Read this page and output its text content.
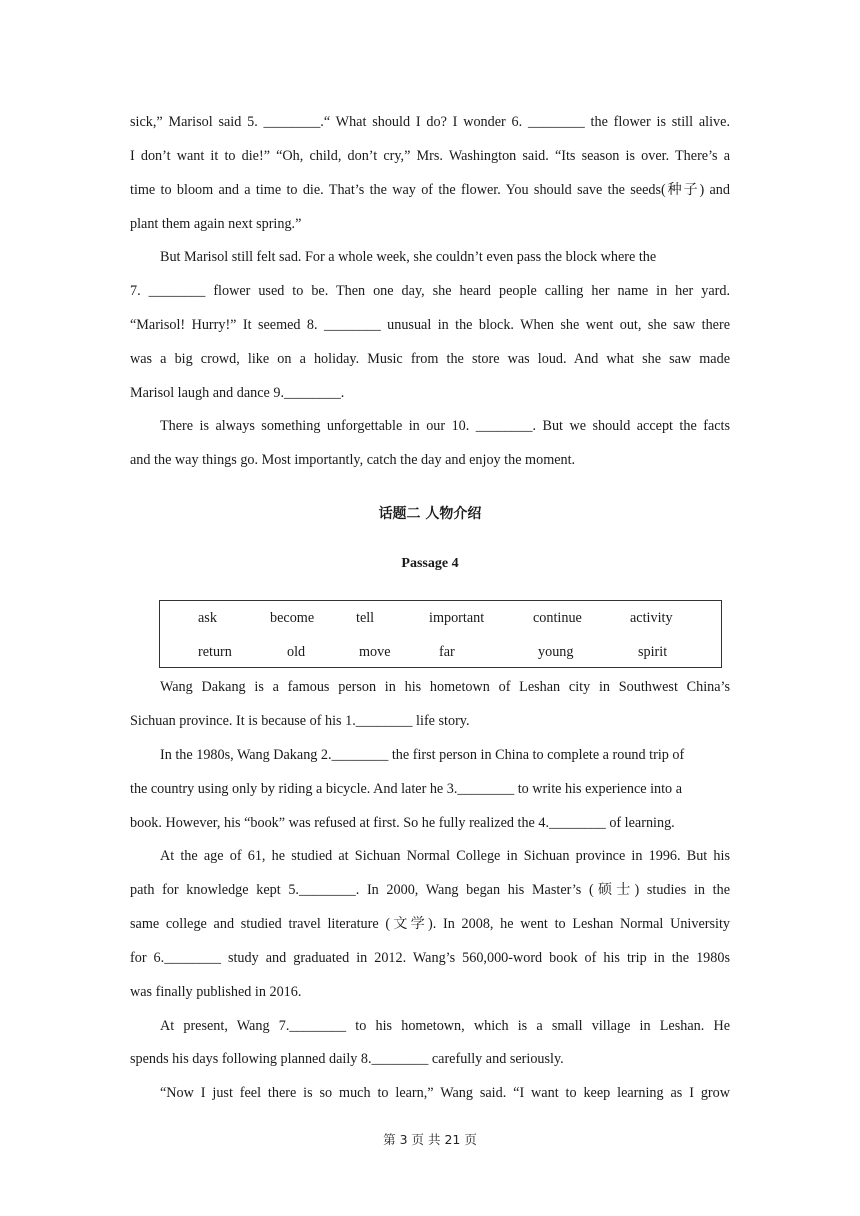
sick,” Marisol said 5. ________.“ What should I do? I wonder 6. ________ the flower is still alive.
I don’t want it to die!” “Oh, child, don’t cry,” Mrs. Washington said. “Its season is over. There’s a
time to bloom and a time to die. That’s the way of the flower. You should save the seeds(种子) and
plant them again next spring.”
But Marisol still felt sad. For a whole week, she couldn’t even pass the block where the
7. ________ flower used to be. Then one day, she heard people calling her name in her yard.
“Marisol! Hurry!” It seemed 8. ________ unusual in the block. When she went out, she saw there
was a big crowd, like on a holiday. Music from the store was loud. And what she saw made
Marisol laugh and dance 9.________.
There is always something unforgettable in our 10. ________. But we should accept the facts
and the way things go. Most importantly, catch the day and enjoy the moment.
话题二 人物介绍
Passage 4
ask	become	tell	important	continue	activity
return	old	move	far	young	spirit
Wang Dakang is a famous person in his hometown of Leshan city in Southwest China’s
Sichuan province. It is because of his 1.________ life story.
In the 1980s, Wang Dakang 2.________ the first person in China to complete a round trip of
the country using only by riding a bicycle. And later he 3.________ to write his experience into a
book. However, his “book” was refused at first. So he fully realized the 4.________ of learning.
At the age of 61, he studied at Sichuan Normal College in Sichuan province in 1996. But his
path for knowledge kept 5.________. In 2000, Wang began his Master’s (硕士) studies in the
same college and studied travel literature (文学). In 2008, he went to Leshan Normal University
for 6.________ study and graduated in 2012. Wang’s 560,000-word book of his trip in the 1980s
was finally published in 2016.
At present, Wang 7.________ to his hometown, which is a small village in Leshan. He
spends his days following planned daily 8.________ carefully and seriously.
“Now I just feel there is so much to learn,” Wang said. “I want to keep learning as I grow
第 3 页 共 21 页
